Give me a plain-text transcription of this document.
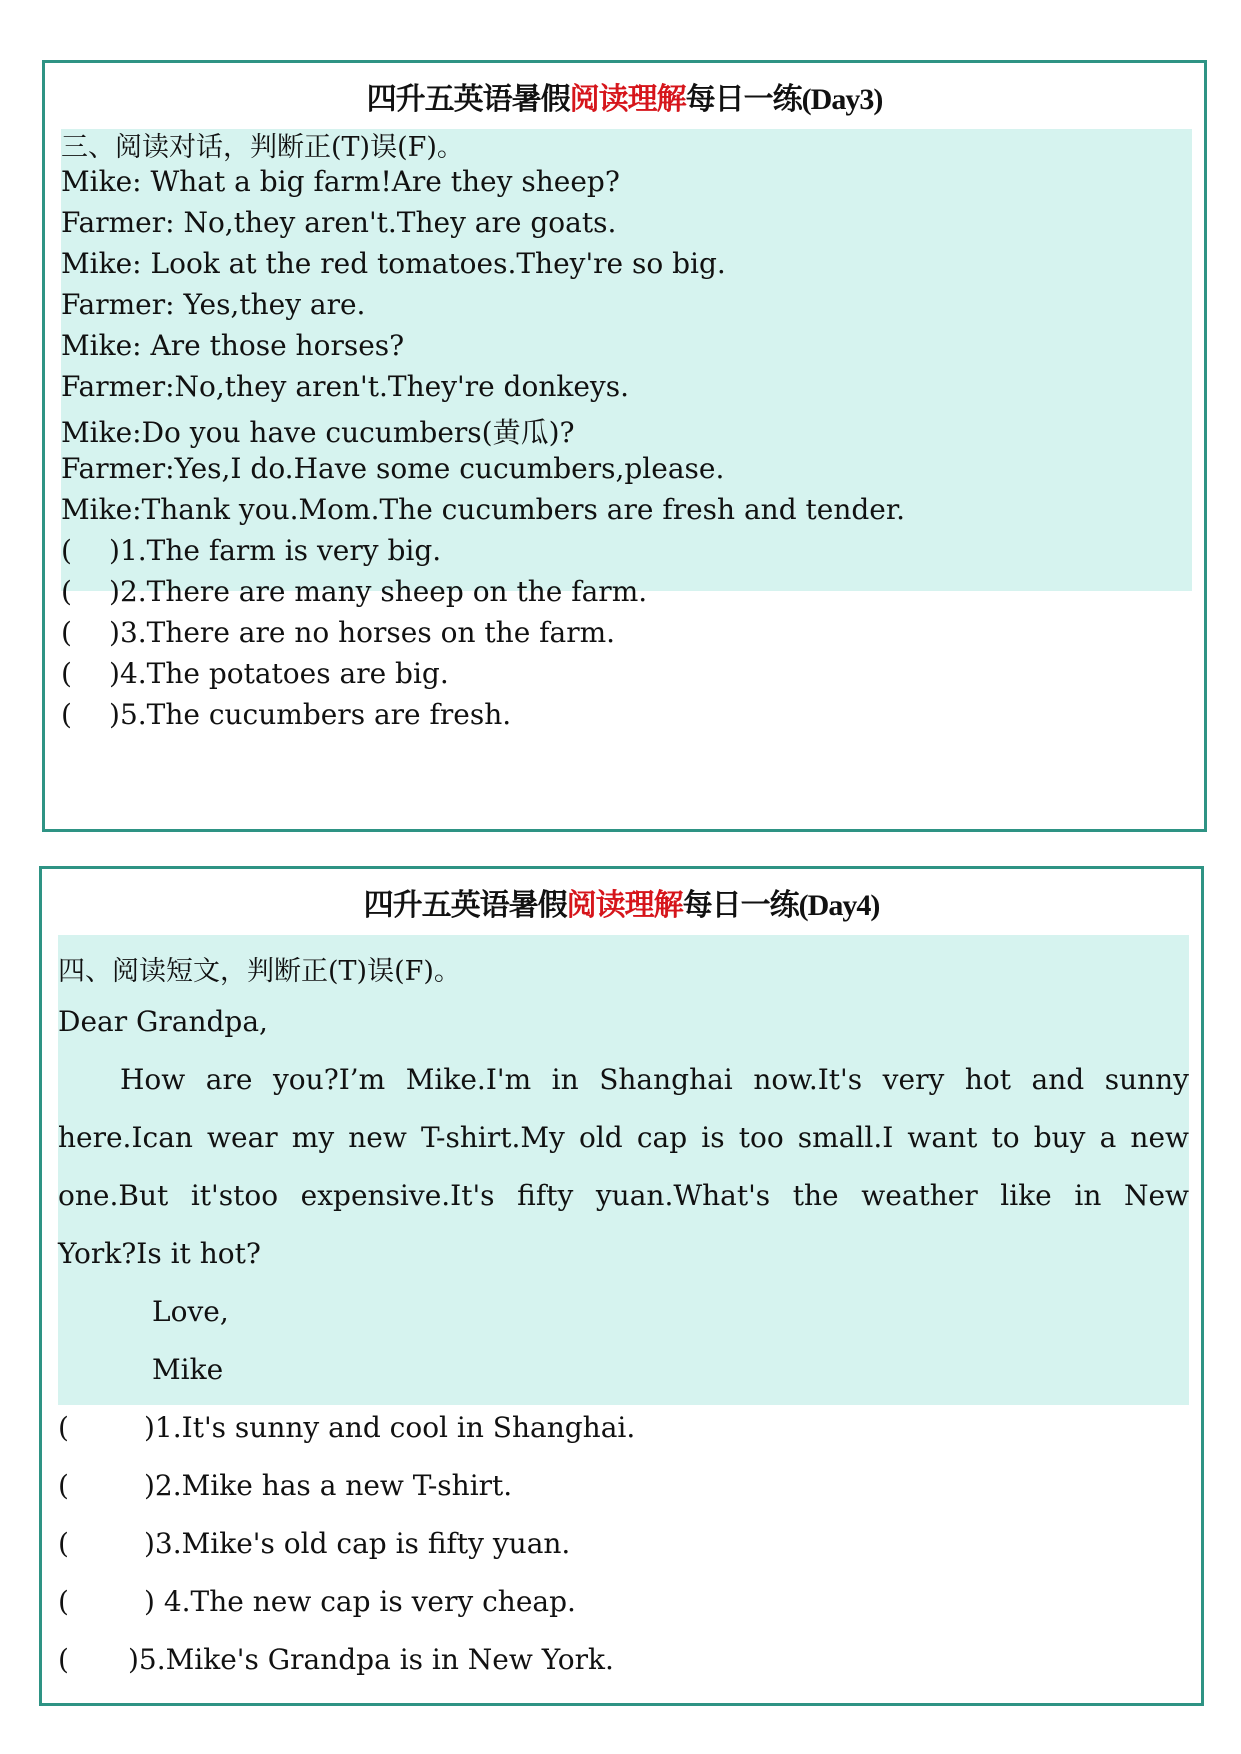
四升五英语暑假阅读理解每日一练(Day3)
三、阅读对话，判断正(T)误(F)。
Mike: What a big farm!Are they sheep?
Farmer: No,they aren't.They are goats.
Mike: Look at the red tomatoes.They're so big.
Farmer: Yes,they are.
Mike: Are those horses?
Farmer:No,they aren't.They're donkeys.
Mike:Do you have cucumbers(黄瓜)?
Farmer:Yes,I do.Have some cucumbers,please.
Mike:Thank you.Mom.The cucumbers are fresh and tender.
( )1.The farm is very big.
( )2.There are many sheep on the farm.
( )3.There are no horses on the farm.
( )4.The potatoes are big.
( )5.The cucumbers are fresh.
四升五英语暑假阅读理解每日一练(Day4)
四、阅读短文，判断正(T)误(F)。
Dear Grandpa,
How are you?I’m Mike.I'm in Shanghai now.It's very hot and sunny
here.Ican wear my new T-shirt.My old cap is too small.I want to buy a new
one.But it'stoo expensive.It's fifty yuan.What's the weather like in New
York?Is it hot?
Love,
Mike
(	)1.It's sunny and cool in Shanghai.
(	)2.Mike has a new T-shirt.
(	)3.Mike's old cap is fifty yuan.
(	) 4.The new cap is very cheap.
( )5.Mike's Grandpa is in New York.
